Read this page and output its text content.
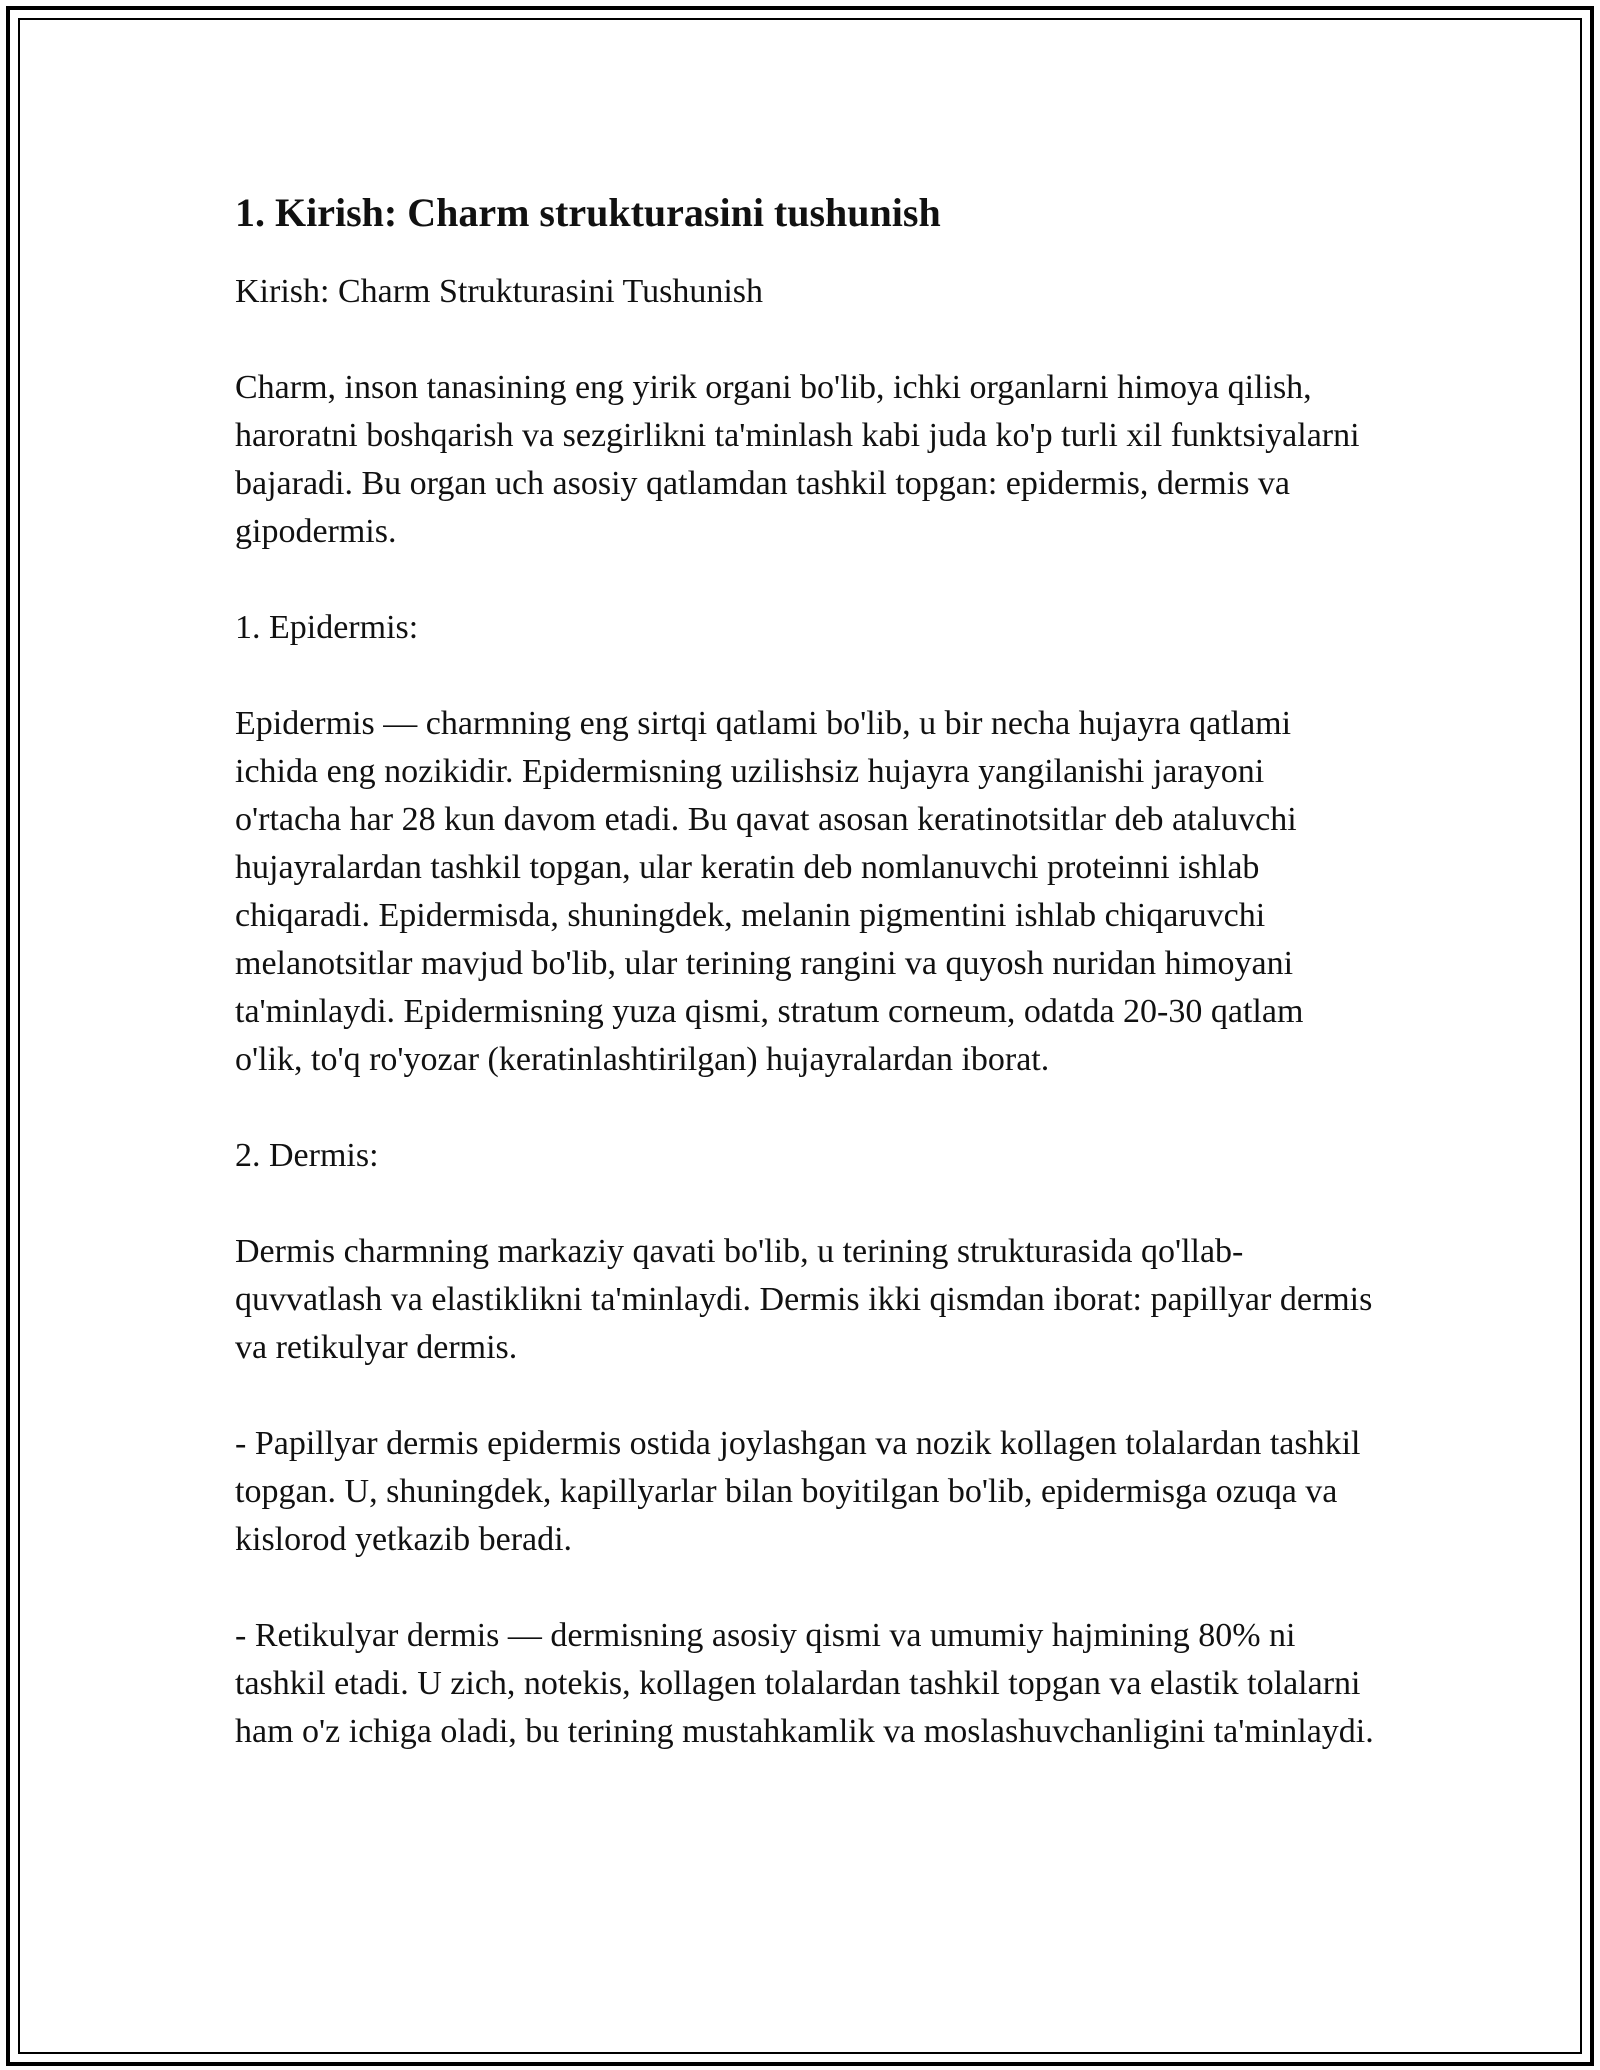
1. Kirish: Charm strukturasini tushunish

Kirish: Charm Strukturasini Tushunish

Charm, inson tanasining eng yirik organi bo'lib, ichki organlarni himoya qilish, haroratni boshqarish va sezgirlikni ta'minlash kabi juda ko'p turli xil funktsiyalarni bajaradi. Bu organ uch asosiy qatlamdan tashkil topgan: epidermis, dermis va gipodermis.

1. Epidermis:

Epidermis — charmning eng sirtqi qatlami bo'lib, u bir necha hujayra qatlami ichida eng nozikidir. Epidermisning uzilishsiz hujayra yangilanishi jarayoni o'rtacha har 28 kun davom etadi. Bu qavat asosan keratinotsitlar deb ataluvchi hujayralardan tashkil topgan, ular keratin deb nomlanuvchi proteinni ishlab chiqaradi. Epidermisda, shuningdek, melanin pigmentini ishlab chiqaruvchi melanotsitlar mavjud bo'lib, ular terining rangini va quyosh nuridan himoyani ta'minlaydi. Epidermisning yuza qismi, stratum corneum, odatda 20-30 qatlam o'lik, to'q ro'yozar (keratinlashtirilgan) hujayralardan iborat.

2. Dermis:

Dermis charmning markaziy qavati bo'lib, u terining strukturasida qo'llab-quvvatlash va elastiklikni ta'minlaydi. Dermis ikki qismdan iborat: papillyar dermis va retikulyar dermis.

- Papillyar dermis epidermis ostida joylashgan va nozik kollagen tolalardan tashkil topgan. U, shuningdek, kapillyarlar bilan boyitilgan bo'lib, epidermisga ozuqa va kislorod yetkazib beradi.

- Retikulyar dermis — dermisning asosiy qismi va umumiy hajmining 80% ni tashkil etadi. U zich, notekis, kollagen tolalardan tashkil topgan va elastik tolalarni ham o'z ichiga oladi, bu terining mustahkamlik va moslashuvchanligini ta'minlaydi.
